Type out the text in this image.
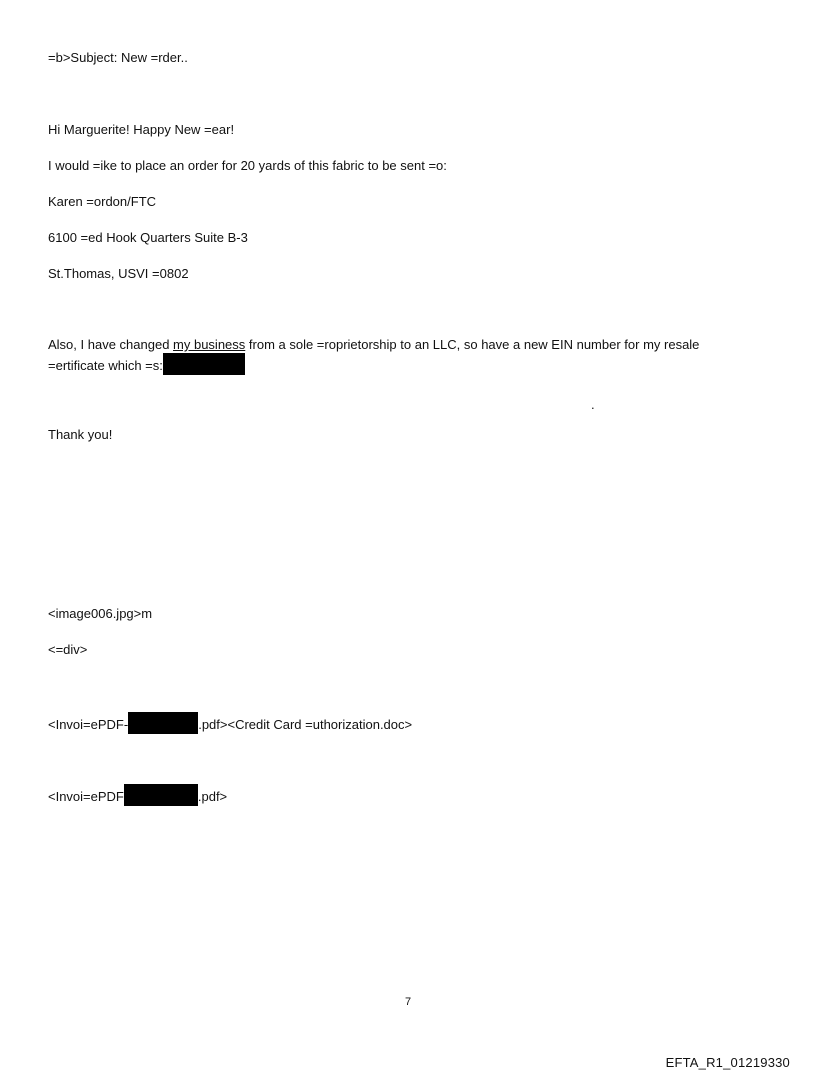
=b>Subject: New =rder..
Hi Marguerite! Happy New =ear!
I would =ike to place an order for 20 yards of this fabric to be sent =o:
Karen =ordon/FTC
6100 =ed Hook Quarters Suite B-3
St.Thomas, USVI =0802
Also, I have changed my business from a sole =roprietorship to an LLC, so have a new EIN number for my resale =ertificate which =s:
.
Thank you!
<image006.jpg>m
<=div>
<Invoi=ePDF-	.pdf><Credit Card =uthorization.doc>
<Invoi=ePDF	.pdf>
7
EFTA_R1_01219330
